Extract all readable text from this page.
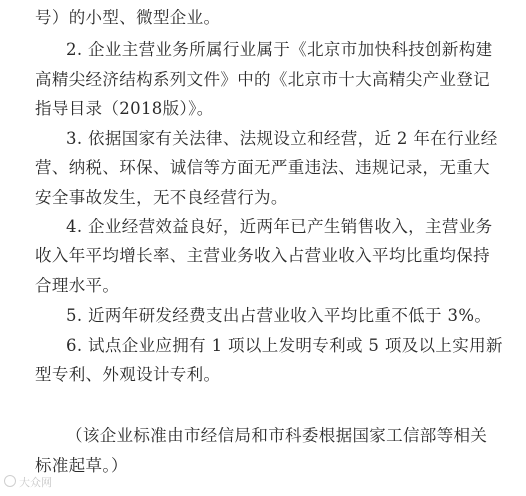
号）的小型、微型企业。
2. 企业主营业务所属行业属于《北京市加快科技创新构建
高精尖经济结构系列文件》中的《北京市十大高精尖产业登记
指导目录（2018版）》。
3. 依据国家有关法律、法规设立和经营，近 2 年在行业经
营、纳税、环保、诚信等方面无严重违法、违规记录，无重大
安全事故发生，无不良经营行为。
4. 企业经营效益良好，近两年已产生销售收入，主营业务
收入年平均增长率、主营业务收入占营业收入平均比重均保持
合理水平。
5. 近两年研发经费支出占营业收入平均比重不低于 3%。
6. 试点企业应拥有 1 项以上发明专利或 5 项及以上实用新
型专利、外观设计专利。
（该企业标准由市经信局和市科委根据国家工信部等相关
标准起草。）
大众网
